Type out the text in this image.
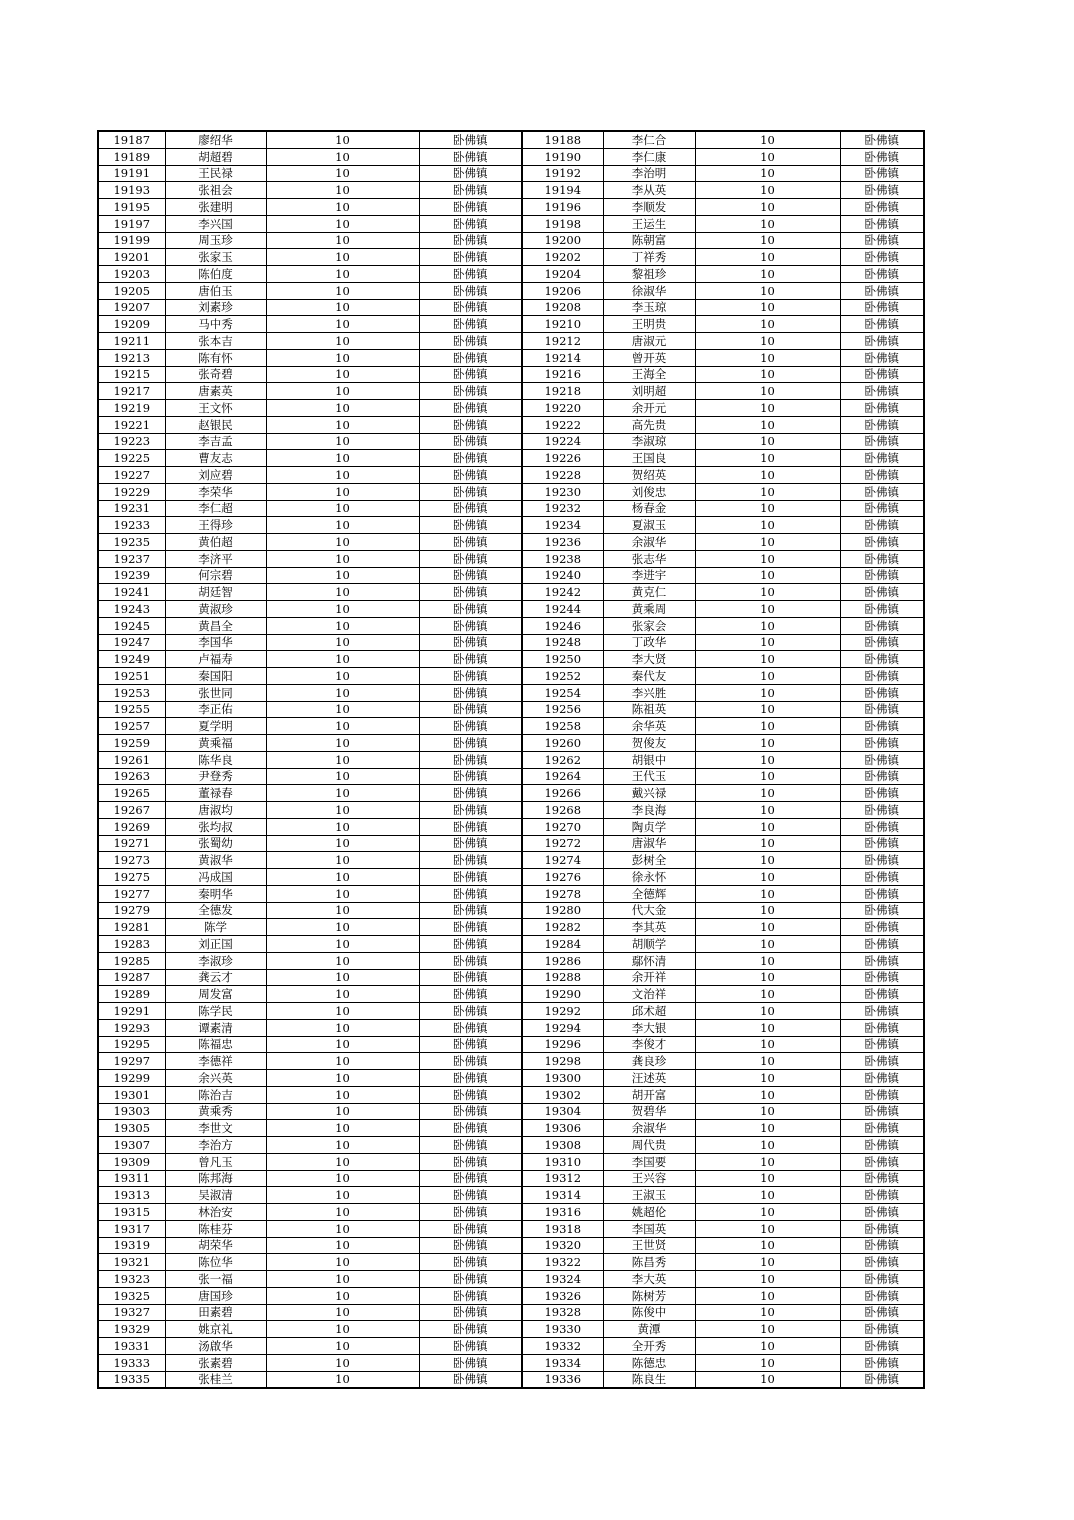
19187	廖绍华	10	卧佛镇	19188	李仁合	10	卧佛镇
19189	胡超碧	10	卧佛镇	19190	李仁康	10	卧佛镇
19191	王民禄	10	卧佛镇	19192	李治明	10	卧佛镇
19193	张祖会	10	卧佛镇	19194	李从英	10	卧佛镇
19195	张建明	10	卧佛镇	19196	李顺发	10	卧佛镇
19197	李兴国	10	卧佛镇	19198	王运生	10	卧佛镇
19199	周玉珍	10	卧佛镇	19200	陈朝富	10	卧佛镇
19201	张家玉	10	卧佛镇	19202	丁祥秀	10	卧佛镇
19203	陈伯度	10	卧佛镇	19204	黎祖珍	10	卧佛镇
19205	唐伯玉	10	卧佛镇	19206	徐淑华	10	卧佛镇
19207	刘素珍	10	卧佛镇	19208	李玉琼	10	卧佛镇
19209	马中秀	10	卧佛镇	19210	王明贵	10	卧佛镇
19211	张本吉	10	卧佛镇	19212	唐淑元	10	卧佛镇
19213	陈有怀	10	卧佛镇	19214	曾开英	10	卧佛镇
19215	张奇碧	10	卧佛镇	19216	王海全	10	卧佛镇
19217	唐素英	10	卧佛镇	19218	刘明超	10	卧佛镇
19219	王文怀	10	卧佛镇	19220	余开元	10	卧佛镇
19221	赵银民	10	卧佛镇	19222	高先贵	10	卧佛镇
19223	李吉孟	10	卧佛镇	19224	李淑琼	10	卧佛镇
19225	曹友志	10	卧佛镇	19226	王国良	10	卧佛镇
19227	刘应碧	10	卧佛镇	19228	贺绍英	10	卧佛镇
19229	李荣华	10	卧佛镇	19230	刘俊忠	10	卧佛镇
19231	李仁超	10	卧佛镇	19232	杨春金	10	卧佛镇
19233	王得珍	10	卧佛镇	19234	夏淑玉	10	卧佛镇
19235	黄伯超	10	卧佛镇	19236	余淑华	10	卧佛镇
19237	李济平	10	卧佛镇	19238	张志华	10	卧佛镇
19239	何宗碧	10	卧佛镇	19240	李进宇	10	卧佛镇
19241	胡廷智	10	卧佛镇	19242	黄克仁	10	卧佛镇
19243	黄淑珍	10	卧佛镇	19244	黄乘周	10	卧佛镇
19245	黄昌全	10	卧佛镇	19246	张家会	10	卧佛镇
19247	李国华	10	卧佛镇	19248	丁政华	10	卧佛镇
19249	卢福寿	10	卧佛镇	19250	李大贤	10	卧佛镇
19251	秦国阳	10	卧佛镇	19252	秦代友	10	卧佛镇
19253	张世同	10	卧佛镇	19254	李兴胜	10	卧佛镇
19255	李正佑	10	卧佛镇	19256	陈祖英	10	卧佛镇
19257	夏学明	10	卧佛镇	19258	余华英	10	卧佛镇
19259	黄乘福	10	卧佛镇	19260	贺俊友	10	卧佛镇
19261	陈华良	10	卧佛镇	19262	胡银中	10	卧佛镇
19263	尹登秀	10	卧佛镇	19264	王代玉	10	卧佛镇
19265	董禄春	10	卧佛镇	19266	戴兴禄	10	卧佛镇
19267	唐淑均	10	卧佛镇	19268	李良海	10	卧佛镇
19269	张均叔	10	卧佛镇	19270	陶贞学	10	卧佛镇
19271	张蜀幼	10	卧佛镇	19272	唐淑华	10	卧佛镇
19273	黄淑华	10	卧佛镇	19274	彭树全	10	卧佛镇
19275	冯成国	10	卧佛镇	19276	徐永怀	10	卧佛镇
19277	秦明华	10	卧佛镇	19278	全德辉	10	卧佛镇
19279	全德发	10	卧佛镇	19280	代大金	10	卧佛镇
19281	陈学	10	卧佛镇	19282	李其英	10	卧佛镇
19283	刘正国	10	卧佛镇	19284	胡顺学	10	卧佛镇
19285	李淑珍	10	卧佛镇	19286	鄢怀清	10	卧佛镇
19287	龚云才	10	卧佛镇	19288	余开祥	10	卧佛镇
19289	周发富	10	卧佛镇	19290	文治祥	10	卧佛镇
19291	陈学民	10	卧佛镇	19292	邱术超	10	卧佛镇
19293	谭素清	10	卧佛镇	19294	李大银	10	卧佛镇
19295	陈福忠	10	卧佛镇	19296	李俊才	10	卧佛镇
19297	李德祥	10	卧佛镇	19298	龚良珍	10	卧佛镇
19299	余兴英	10	卧佛镇	19300	汪述英	10	卧佛镇
19301	陈治吉	10	卧佛镇	19302	胡开富	10	卧佛镇
19303	黄乘秀	10	卧佛镇	19304	贺碧华	10	卧佛镇
19305	李世文	10	卧佛镇	19306	余淑华	10	卧佛镇
19307	李治方	10	卧佛镇	19308	周代贵	10	卧佛镇
19309	曾凡玉	10	卧佛镇	19310	李国要	10	卧佛镇
19311	陈邦海	10	卧佛镇	19312	王兴容	10	卧佛镇
19313	吴淑清	10	卧佛镇	19314	王淑玉	10	卧佛镇
19315	林治安	10	卧佛镇	19316	姚超伦	10	卧佛镇
19317	陈桂芬	10	卧佛镇	19318	李国英	10	卧佛镇
19319	胡荣华	10	卧佛镇	19320	王世贤	10	卧佛镇
19321	陈位华	10	卧佛镇	19322	陈昌秀	10	卧佛镇
19323	张一福	10	卧佛镇	19324	李大英	10	卧佛镇
19325	唐国珍	10	卧佛镇	19326	陈树芳	10	卧佛镇
19327	田素碧	10	卧佛镇	19328	陈俊中	10	卧佛镇
19329	姚京礼	10	卧佛镇	19330	黄潭	10	卧佛镇
19331	汤啟华	10	卧佛镇	19332	全开秀	10	卧佛镇
19333	张素碧	10	卧佛镇	19334	陈德忠	10	卧佛镇
19335	张桂兰	10	卧佛镇	19336	陈良生	10	卧佛镇
